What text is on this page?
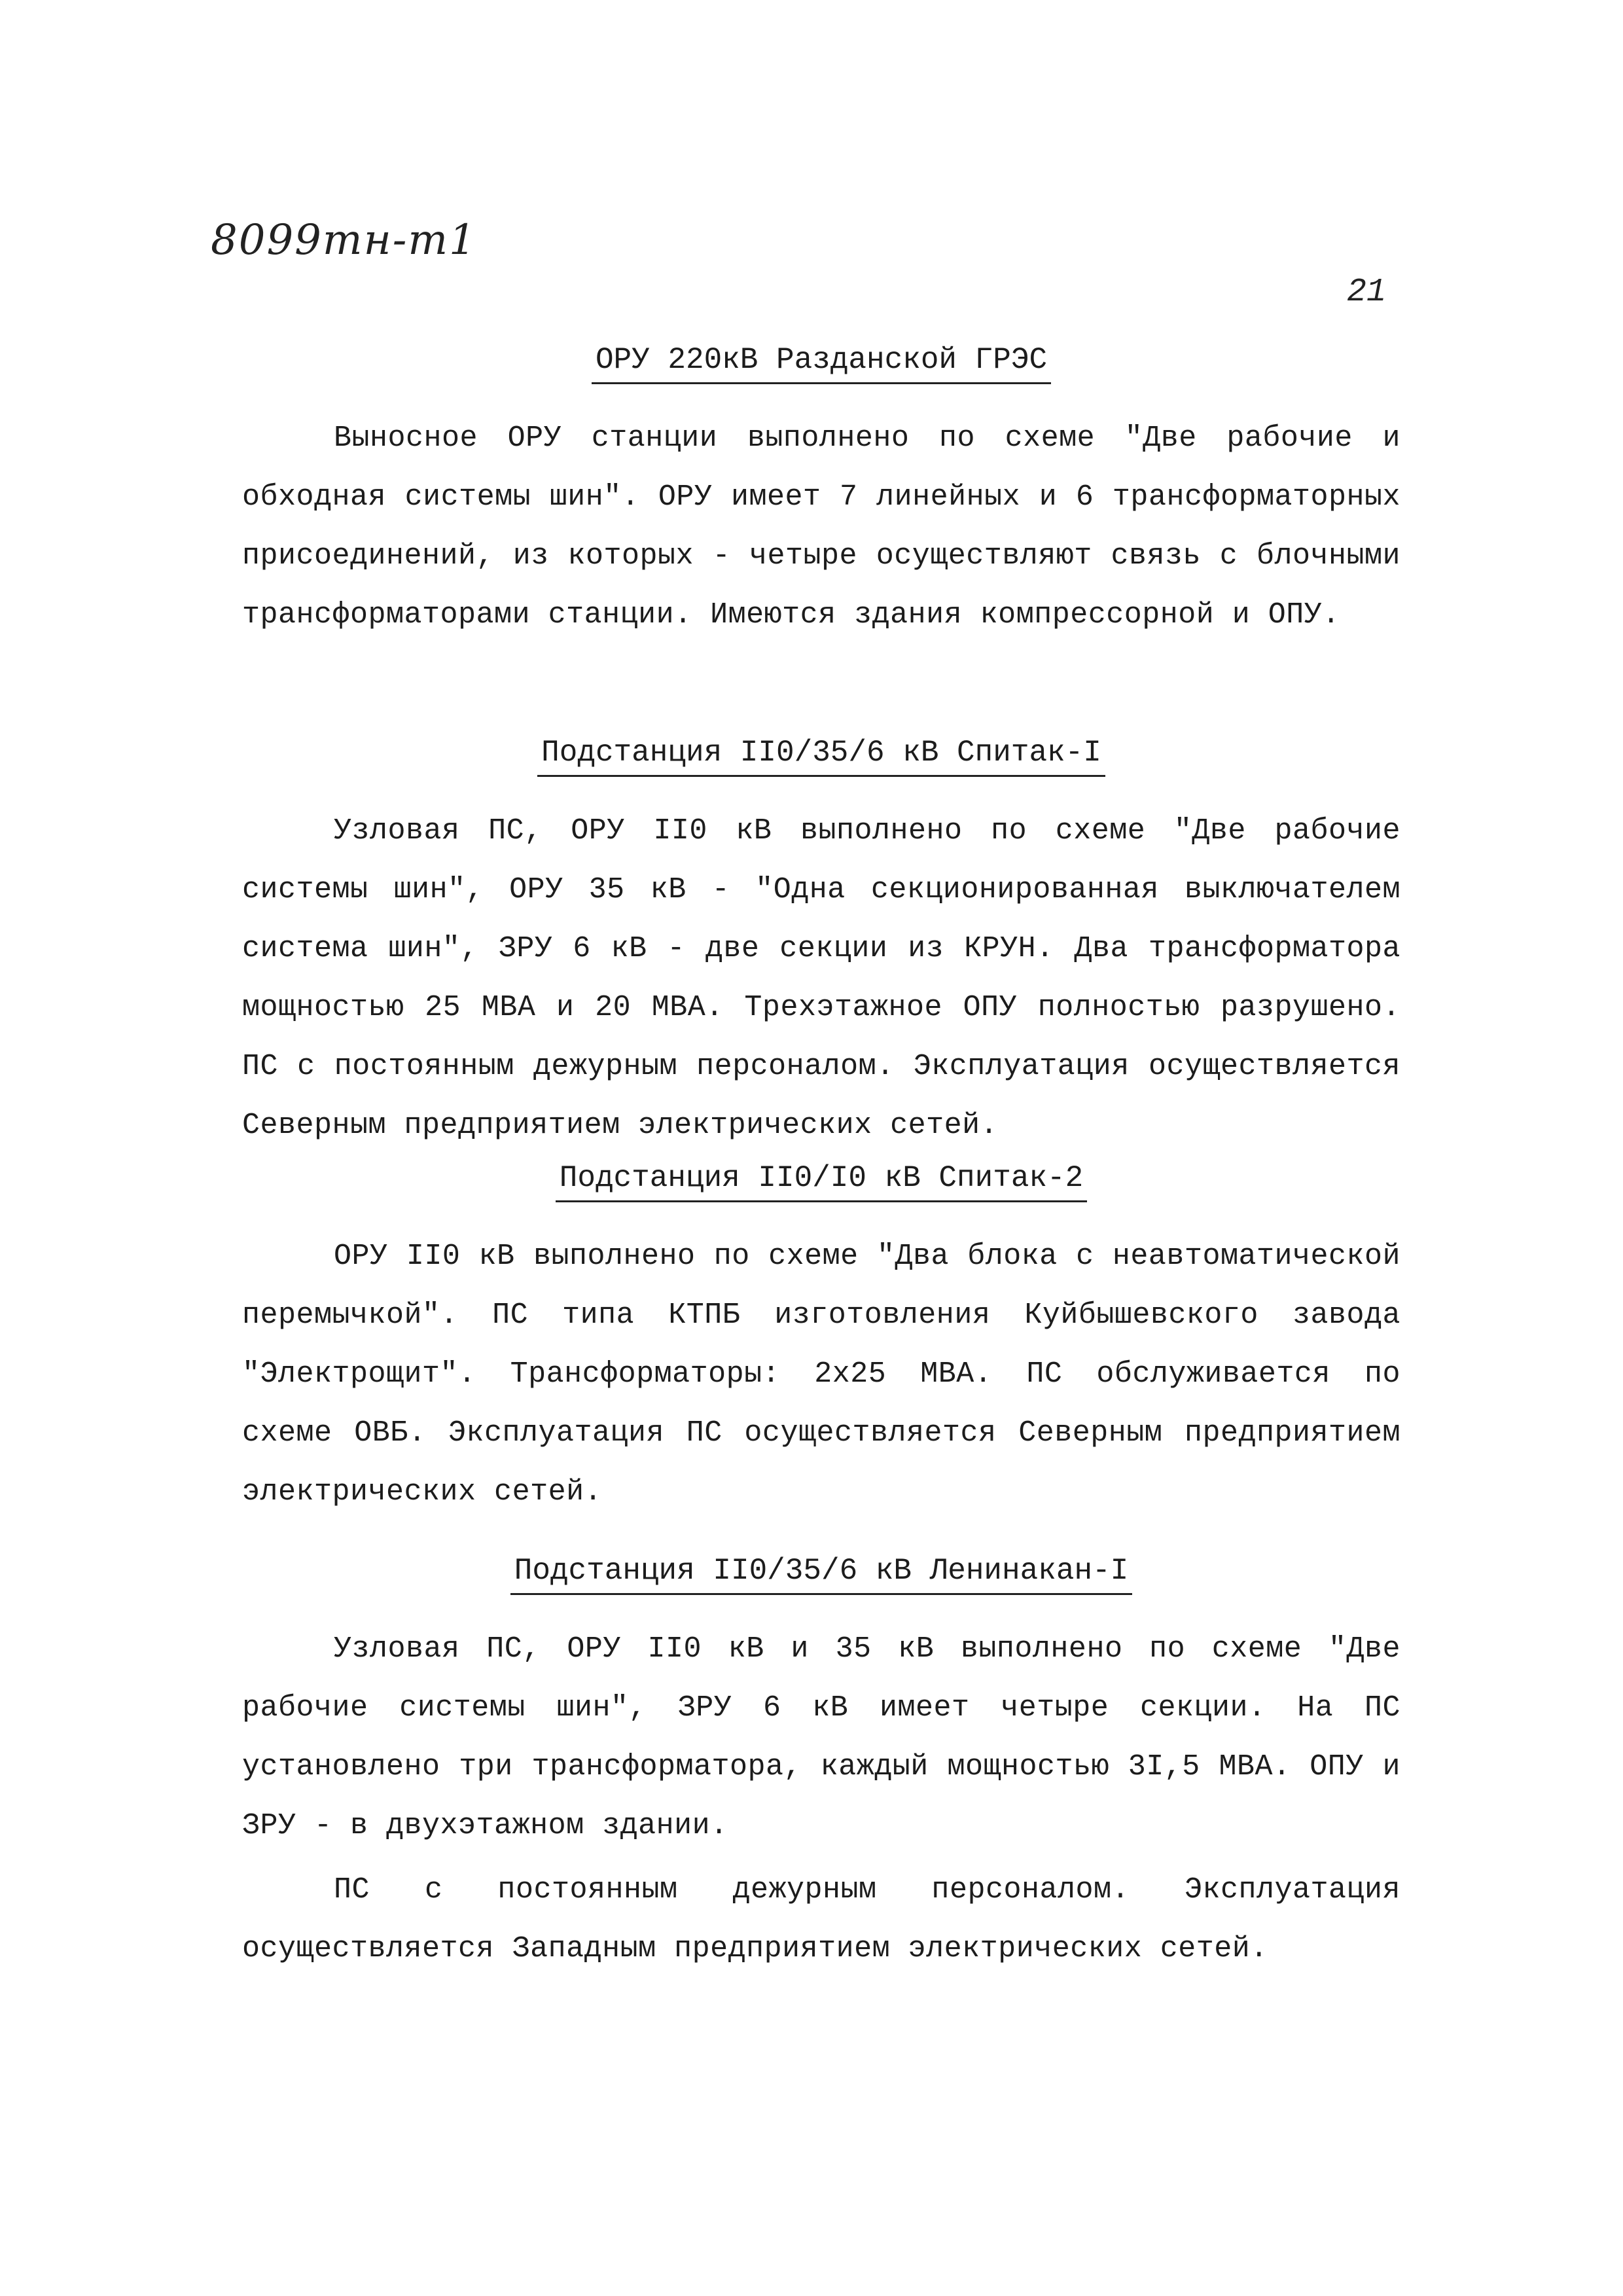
8099тн-т1
21
ОРУ 220кВ Разданской ГРЭС

Выносное ОРУ станции выполнено по схеме "Две рабочие и обходная системы шин". ОРУ имеет 7 линейных и 6 трансформаторных присоединений, из которых - четыре осуществляют связь с блочными трансформаторами станции. Имеются здания компрессорной и ОПУ.

Подстанция II0/35/6 кВ Спитак-I

Узловая ПС, ОРУ II0 кВ выполнено по схеме "Две рабочие системы шин", ОРУ 35 кВ - "Одна секционированная выключателем система шин", ЗРУ 6 кВ - две секции из КРУН. Два трансформатора мощностью 25 МВА и 20 МВА. Трехэтажное ОПУ полностью разрушено. ПС с постоянным дежурным персоналом. Эксплуатация осуществляется Северным предприятием электрических сетей.

Подстанция II0/I0 кВ Спитак-2

ОРУ II0 кВ выполнено по схеме "Два блока с неавтоматической перемычкой". ПС типа КТПБ изготовления Куйбышевского завода "Электрощит". Трансформаторы: 2х25 МВА. ПС обслуживается по схеме ОВБ. Эксплуатация ПС осуществляется Северным предприятием электрических сетей.

Подстанция II0/35/6 кВ Ленинакан-I

Узловая ПС, ОРУ II0 кВ и 35 кВ выполнено по схеме "Две рабочие системы шин", ЗРУ 6 кВ имеет четыре секции. На ПС установлено три трансформатора, каждый мощностью 3I,5 МВА. ОПУ и ЗРУ - в двухэтажном здании.

ПС с постоянным дежурным персоналом. Эксплуатация осуществляется Западным предприятием электрических сетей.
